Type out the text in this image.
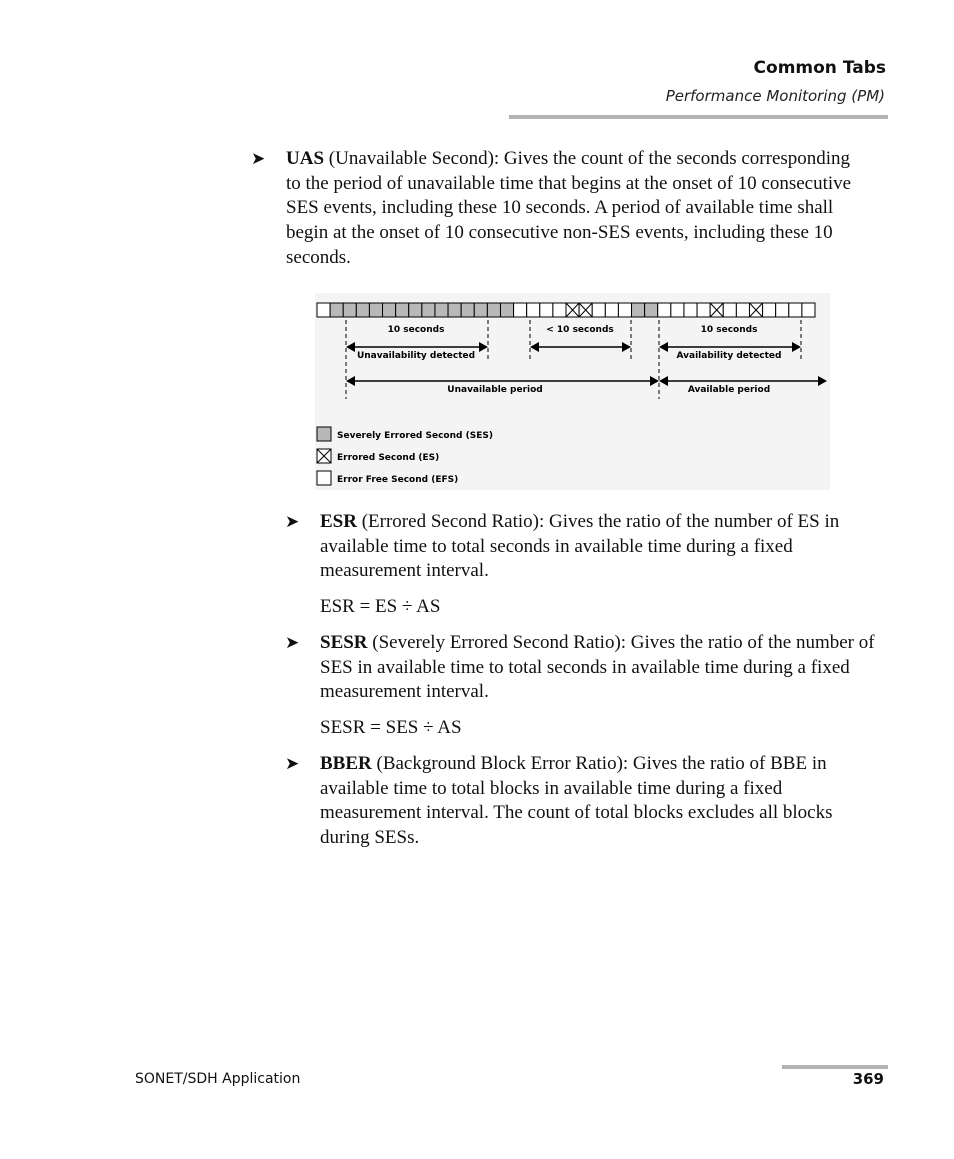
Common Tabs
Performance Monitoring (PM)
➤ UAS (Unavailable Second): Gives the count of the seconds corresponding to the period of unavailable time that begins at the onset of 10 consecutive SES events, including these 10 seconds. A period of available time shall begin at the onset of 10 consecutive non-SES events, including these 10 seconds.
10 seconds	< 10 seconds	10 seconds
Unavailability detected	Availability detected
Unavailable period	Available period
Severely Errored Second (SES)
Errored Second (ES)
Error Free Second (EFS)
➤ ESR (Errored Second Ratio): Gives the ratio of the number of ES in available time to total seconds in available time during a fixed measurement interval.
ESR = ES ÷ AS
➤ SESR (Severely Errored Second Ratio): Gives the ratio of the number of SES in available time to total seconds in available time during a fixed measurement interval.
SESR = SES ÷ AS
➤ BBER (Background Block Error Ratio): Gives the ratio of BBE in available time to total blocks in available time during a fixed measurement interval. The count of total blocks excludes all blocks during SESs.
SONET/SDH Application	369
